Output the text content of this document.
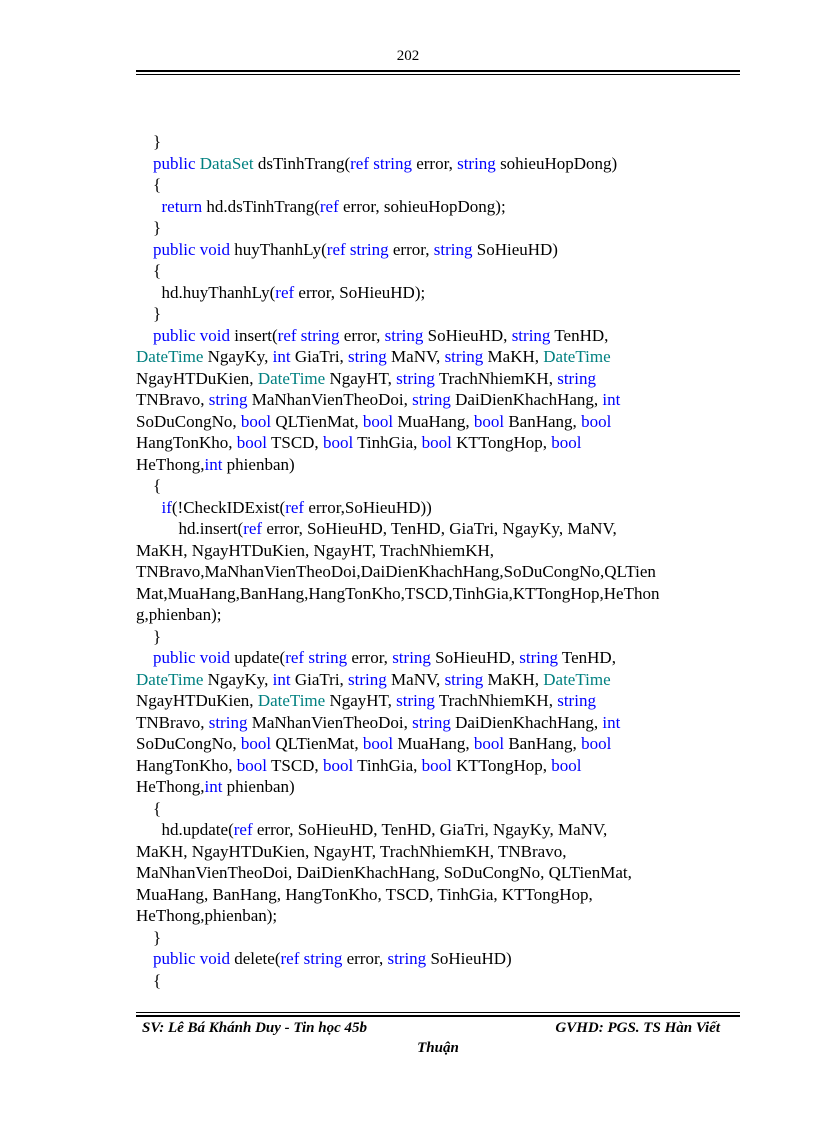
202
}
public DataSet dsTinhTrang(ref string error, string sohieuHopDong)
{
return hd.dsTinhTrang(ref error, sohieuHopDong);
}
public void huyThanhLy(ref string error, string SoHieuHD)
{
hd.huyThanhLy(ref error, SoHieuHD);
}
public void insert(ref string error, string SoHieuHD, string TenHD,
DateTime NgayKy, int GiaTri, string MaNV, string MaKH, DateTime
NgayHTDuKien, DateTime NgayHT, string TrachNhiemKH, string
TNBravo, string MaNhanVienTheoDoi, string DaiDienKhachHang, int
SoDuCongNo, bool QLTienMat, bool MuaHang, bool BanHang, bool
HangTonKho, bool TSCD, bool TinhGia, bool KTTongHop, bool
HeThong,int phienban)
{
if(!CheckIDExist(ref error,SoHieuHD))
hd.insert(ref error, SoHieuHD, TenHD, GiaTri, NgayKy, MaNV,
MaKH, NgayHTDuKien, NgayHT, TrachNhiemKH,
TNBravo,MaNhanVienTheoDoi,DaiDienKhachHang,SoDuCongNo,QLTien
Mat,MuaHang,BanHang,HangTonKho,TSCD,TinhGia,KTTongHop,HeThon
g,phienban);
}
public void update(ref string error, string SoHieuHD, string TenHD,
DateTime NgayKy, int GiaTri, string MaNV, string MaKH, DateTime
NgayHTDuKien, DateTime NgayHT, string TrachNhiemKH, string
TNBravo, string MaNhanVienTheoDoi, string DaiDienKhachHang, int
SoDuCongNo, bool QLTienMat, bool MuaHang, bool BanHang, bool
HangTonKho, bool TSCD, bool TinhGia, bool KTTongHop, bool
HeThong,int phienban)
{
hd.update(ref error, SoHieuHD, TenHD, GiaTri, NgayKy, MaNV,
MaKH, NgayHTDuKien, NgayHT, TrachNhiemKH, TNBravo,
MaNhanVienTheoDoi, DaiDienKhachHang, SoDuCongNo, QLTienMat,
MuaHang, BanHang, HangTonKho, TSCD, TinhGia, KTTongHop,
HeThong,phienban);
}
public void delete(ref string error, string SoHieuHD)
{
SV: Lê Bá Khánh Duy - Tin học 45b	GVHD: PGS. TS Hàn Viết
Thuận
